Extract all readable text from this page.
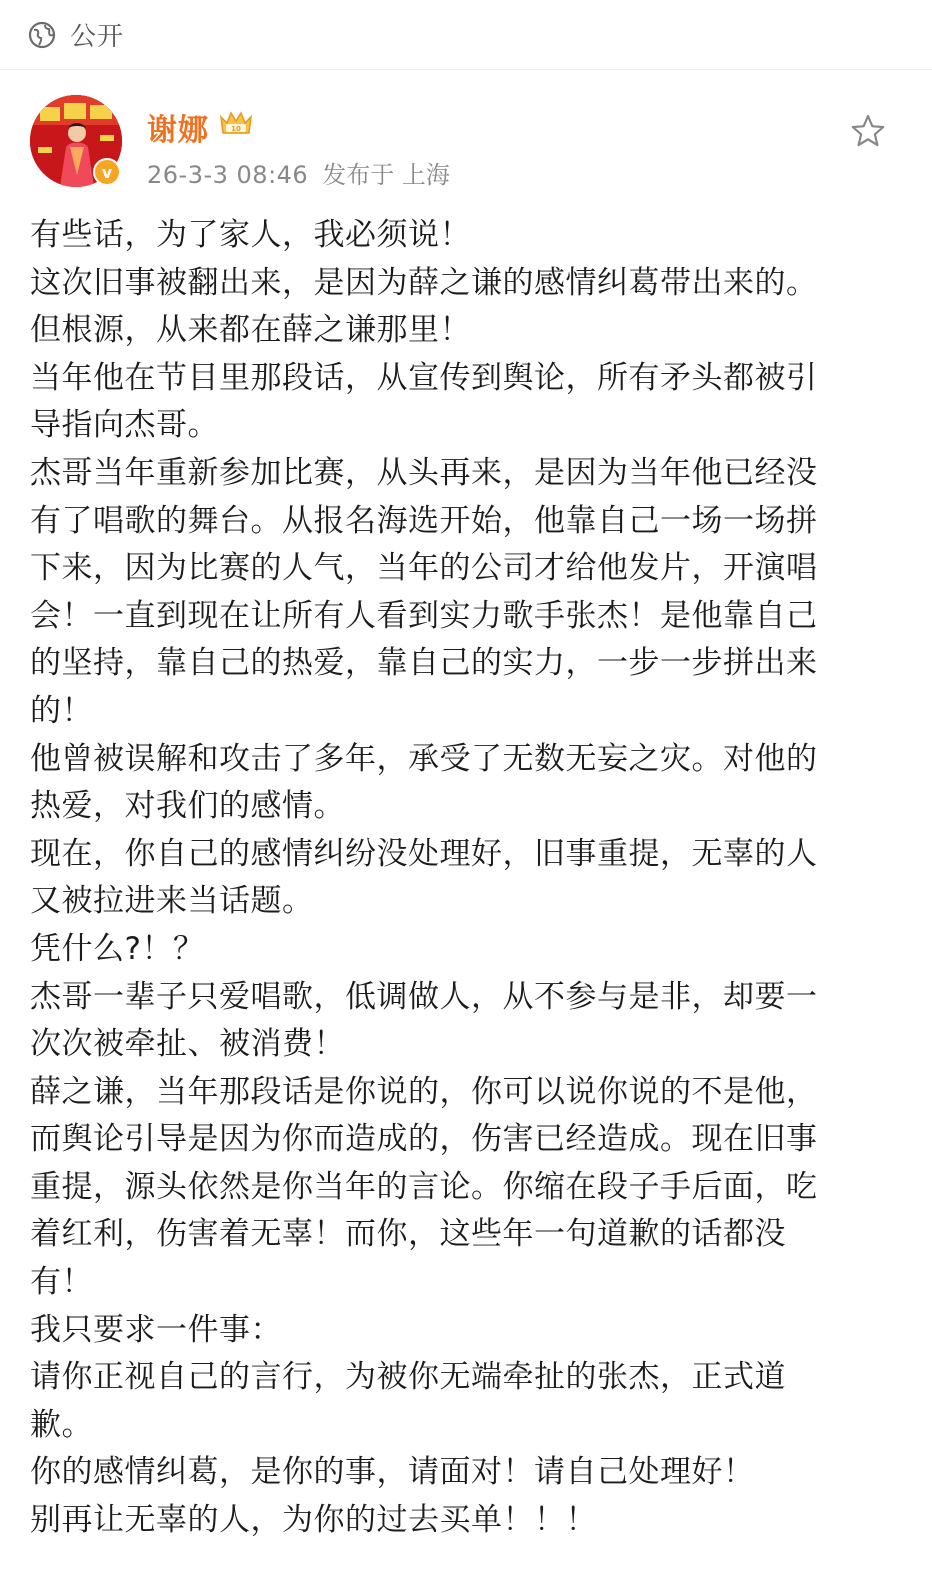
公开
v
谢娜	10
26-3-3 08:46 发布于 上海
有些话，为了家人，我必须说！
这次旧事被翻出来，是因为薛之谦的感情纠葛带出来的。
但根源，从来都在薛之谦那里！
当年他在节目里那段话，从宣传到舆论，所有矛头都被引
导指向杰哥。
杰哥当年重新参加比赛，从头再来，是因为当年他已经没
有了唱歌的舞台。从报名海选开始，他靠自己一场一场拼
下来，因为比赛的人气，当年的公司才给他发片，开演唱
会！一直到现在让所有人看到实力歌手张杰！是他靠自己
的坚持，靠自己的热爱，靠自己的实力，一步一步拼出来
的！
他曾被误解和攻击了多年，承受了无数无妄之灾。对他的
热爱，对我们的感情。
现在，你自己的感情纠纷没处理好，旧事重提，无辜的人
又被拉进来当话题。
凭什么?！？
杰哥一辈子只爱唱歌，低调做人，从不参与是非，却要一
次次被牵扯、被消费！
薛之谦，当年那段话是你说的，你可以说你说的不是他，
而舆论引导是因为你而造成的，伤害已经造成。现在旧事
重提，源头依然是你当年的言论。你缩在段子手后面，吃
着红利，伤害着无辜！而你，这些年一句道歉的话都没
有！
我只要求一件事：
请你正视自己的言行，为被你无端牵扯的张杰，正式道
歉。
你的感情纠葛，是你的事，请面对！请自己处理好！
别再让无辜的人，为你的过去买单！！！
